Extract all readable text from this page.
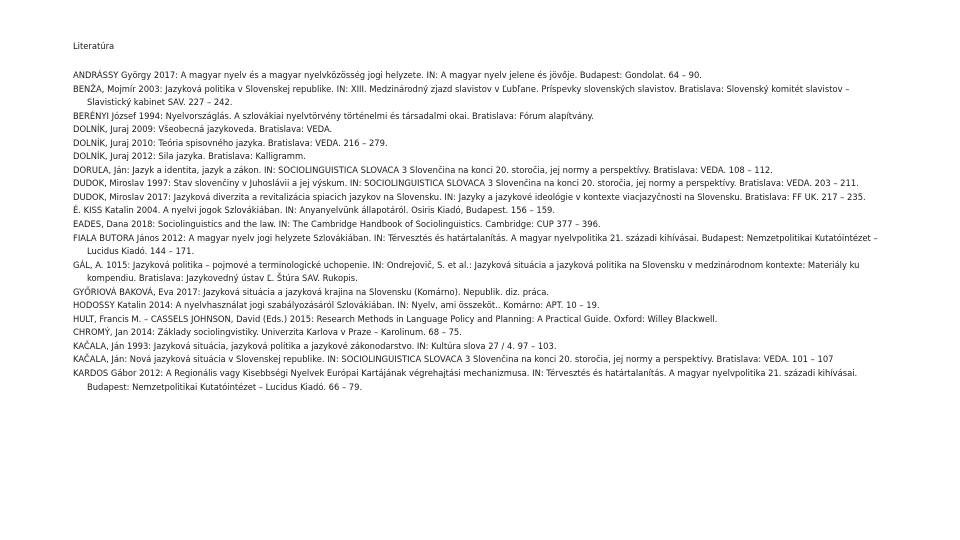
Literatúra

ANDRÁSSY György 2017: A magyar nyelv és a magyar nyelvközösség jogi helyzete. IN: A magyar nyelv jelene és jövője. Budapest: Gondolat. 64 – 90.

BENŽA, Mojmír 2003: Jazyková politika v Slovenskej republike. IN: XIII. Medzinárodný zjazd slavistov v Ľubľane. Príspevky slovenských slavistov. Bratislava: Slovenský komitét slavistov – Slavistický kabinet SAV. 227 – 242.

BERÉNYI József 1994: Nyelvországlás. A szlovákiai nyelvtörvény történelmi és társadalmi okai. Bratislava: Fórum alapítvány.

DOLNÍK, Juraj 2009: Všeobecná jazykoveda. Bratislava: VEDA.

DOLNÍK, Juraj 2010: Teória spisovného jazyka. Bratislava: VEDA. 216 – 279.

DOLNÍK, Juraj 2012: Sila jazyka. Bratislava: Kalligramm.

DORUĽA, Ján: Jazyk a identita, jazyk a zákon. IN: SOCIOLINGUISTICA SLOVACA 3 Slovenčina na konci 20. storočia, jej normy a perspektívy. Bratislava: VEDA. 108 – 112.

DUDOK, Miroslav 1997: Stav slovenčiny v Juhoslávii a jej výskum. IN: SOCIOLINGUISTICA SLOVACA 3 Slovenčina na konci 20. storočia, jej normy a perspektívy. Bratislava: VEDA. 203 – 211.

DUDOK, Miroslav 2017: Jazyková diverzita a revitalizácia spiacich jazykov na Slovensku. IN: Jazyky a jazykové ideológie v kontexte viacjazyčnosti na Slovensku. Bratislava: FF UK. 217 – 235.

É. KISS Katalin 2004. A nyelvi jogok Szlovákiában. IN: Anyanyelvünk állapotáról. Osiris Kiadó, Budapest. 156 – 159.

EADES, Dana 2018: Sociolinguistics and the law. IN: The Cambridge Handbook of Sociolinguistics. Cambridge: CUP 377 – 396.

FIALA BUTORA János 2012: A magyar nyelv jogi helyzete Szlovákiában. IN: Térvesztés és határtalanítás. A magyar nyelvpolitika 21. századi kihívásai. Budapest: Nemzetpolitikai Kutatóintézet – Lucidus Kiadó. 144 – 171.

GÁL, A. 1015: Jazyková politika – pojmové a terminologické uchopenie. IN: Ondrejovič, S. et al.: Jazyková situácia a jazyková politika na Slovensku v medzinárodnom kontexte: Materiály ku kompendiu. Bratislava: Jazykovedný ústav Ľ. Štúra SAV. Rukopis.

GYŐRIOVÁ BAKOVÁ, Eva 2017: Jazyková situácia a jazyková krajina na Slovensku (Komárno). Nepublik. diz. práca.

HODOSSY Katalin 2014: A nyelvhasználat jogi szabályozásáról Szlovákiában. IN: Nyelv, ami összeköt.. Komárno: APT. 10 – 19.

HULT, Francis M. – CASSELS JOHNSON, David (Eds.) 2015: Research Methods in Language Policy and Planning: A Practical Guide. Oxford: Willey Blackwell.

CHROMÝ, Jan 2014: Základy sociolingvistiky. Univerzita Karlova v Praze – Karolinum. 68 – 75.

KAČALA, Ján 1993: Jazyková situácia, jazyková politika a jazykové zákonodarstvo. IN: Kultúra slova 27 / 4. 97 – 103.

KAČALA, Ján: Nová jazyková situácia v Slovenskej republike. IN: SOCIOLINGUISTICA SLOVACA 3 Slovenčina na konci 20. storočia, jej normy a perspektívy. Bratislava: VEDA. 101 – 107

KARDOS Gábor 2012: A Regionális vagy Kisebbségi Nyelvek Európai Kartájának végrehajtási mechanizmusa. IN: Térvesztés és határtalanítás. A magyar nyelvpolitika 21. századi kihívásai. Budapest: Nemzetpolitikai Kutatóintézet – Lucidus Kiadó. 66 – 79.
